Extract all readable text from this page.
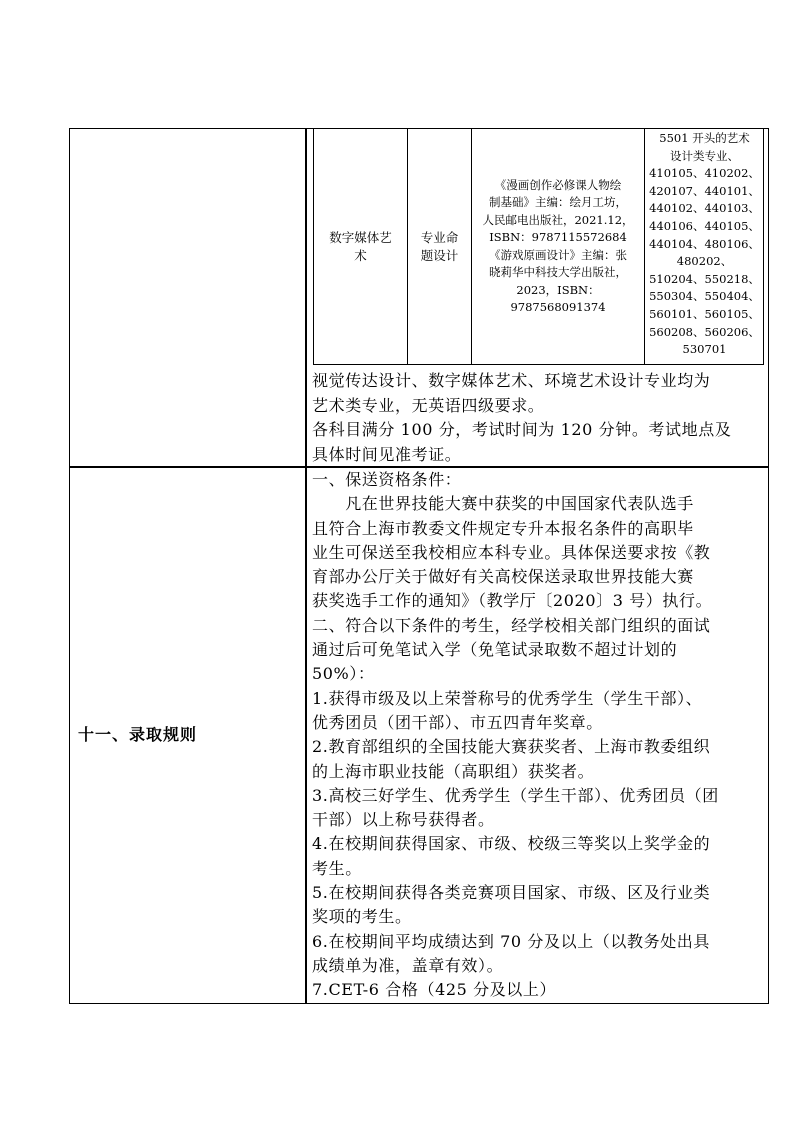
数字媒体艺术
专业命题设计
《漫画创作必修课人物绘
制基础》主编：绘月工坊，
人民邮电出版社，2021.12，
ISBN：9787115572684
《游戏原画设计》主编：张
晓莉华中科技大学出版社，
2023，ISBN：9787568091374
5501 开头的艺术
设计类专业、
410105、410202、
420107、440101、
440102、440103、
440106、440105、
440104、480106、
480202、
510204、550218、
550304、550404、
560101、560105、
560208、560206、
530701
视觉传达设计、数字媒体艺术、环境艺术设计专业均为
艺术类专业，无英语四级要求。
各科目满分 100 分，考试时间为 120 分钟。考试地点及
具体时间见准考证。
十一、录取规则
一、保送资格条件：
　　凡在世界技能大赛中获奖的中国国家代表队选手
且符合上海市教委文件规定专升本报名条件的高职毕
业生可保送至我校相应本科专业。具体保送要求按《教
育部办公厅关于做好有关高校保送录取世界技能大赛
获奖选手工作的通知》（教学厅〔2020〕3 号）执行。
二、符合以下条件的考生，经学校相关部门组织的面试
通过后可免笔试入学（免笔试录取数不超过计划的
50%）：
1.获得市级及以上荣誉称号的优秀学生（学生干部）、
优秀团员（团干部）、市五四青年奖章。
2.教育部组织的全国技能大赛获奖者、上海市教委组织
的上海市职业技能（高职组）获奖者。
3.高校三好学生、优秀学生（学生干部）、优秀团员（团
干部）以上称号获得者。
4.在校期间获得国家、市级、校级三等奖以上奖学金的
考生。
5.在校期间获得各类竞赛项目国家、市级、区及行业类
奖项的考生。
6.在校期间平均成绩达到 70 分及以上（以教务处出具
成绩单为准，盖章有效）。
7.CET-6 合格（425 分及以上）
